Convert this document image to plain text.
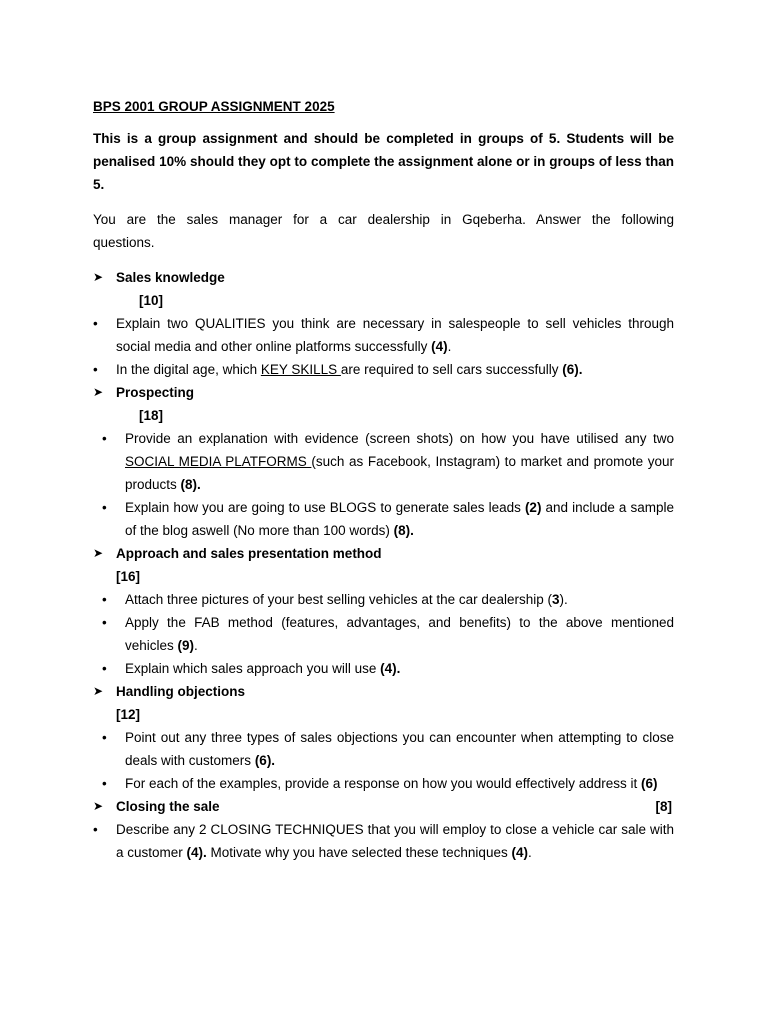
BPS 2001 GROUP ASSIGNMENT 2025
This is a group assignment and should be completed in groups of 5. Students will be penalised 10% should they opt to complete the assignment alone or in groups of less than 5.
You are the sales manager for a car dealership in Gqeberha. Answer the following
questions.
➤ Sales knowledge
[10]
• Explain two QUALITIES you think are necessary in salespeople to sell vehicles through social media and other online platforms successfully (4).
• In the digital age, which KEY SKILLS are required to sell cars successfully (6).
➤ Prospecting
[18]
• Provide an explanation with evidence (screen shots) on how you have utilised any two SOCIAL MEDIA PLATFORMS (such as Facebook, Instagram) to market and promote your products (8).
• Explain how you are going to use BLOGS to generate sales leads (2) and include a sample of the blog aswell (No more than 100 words) (8).
➤ Approach and sales presentation method
[16]
• Attach three pictures of your best selling vehicles at the car dealership (3).
• Apply the FAB method (features, advantages, and benefits) to the above mentioned vehicles (9).
• Explain which sales approach you will use (4).
➤ Handling objections
[12]
• Point out any three types of sales objections you can encounter when attempting to close deals with customers (6).
• For each of the examples, provide a response on how you would effectively address it (6)
➤ Closing the sale	[8]
• Describe any 2 CLOSING TECHNIQUES that you will employ to close a vehicle car sale with a customer (4). Motivate why you have selected these techniques (4).
